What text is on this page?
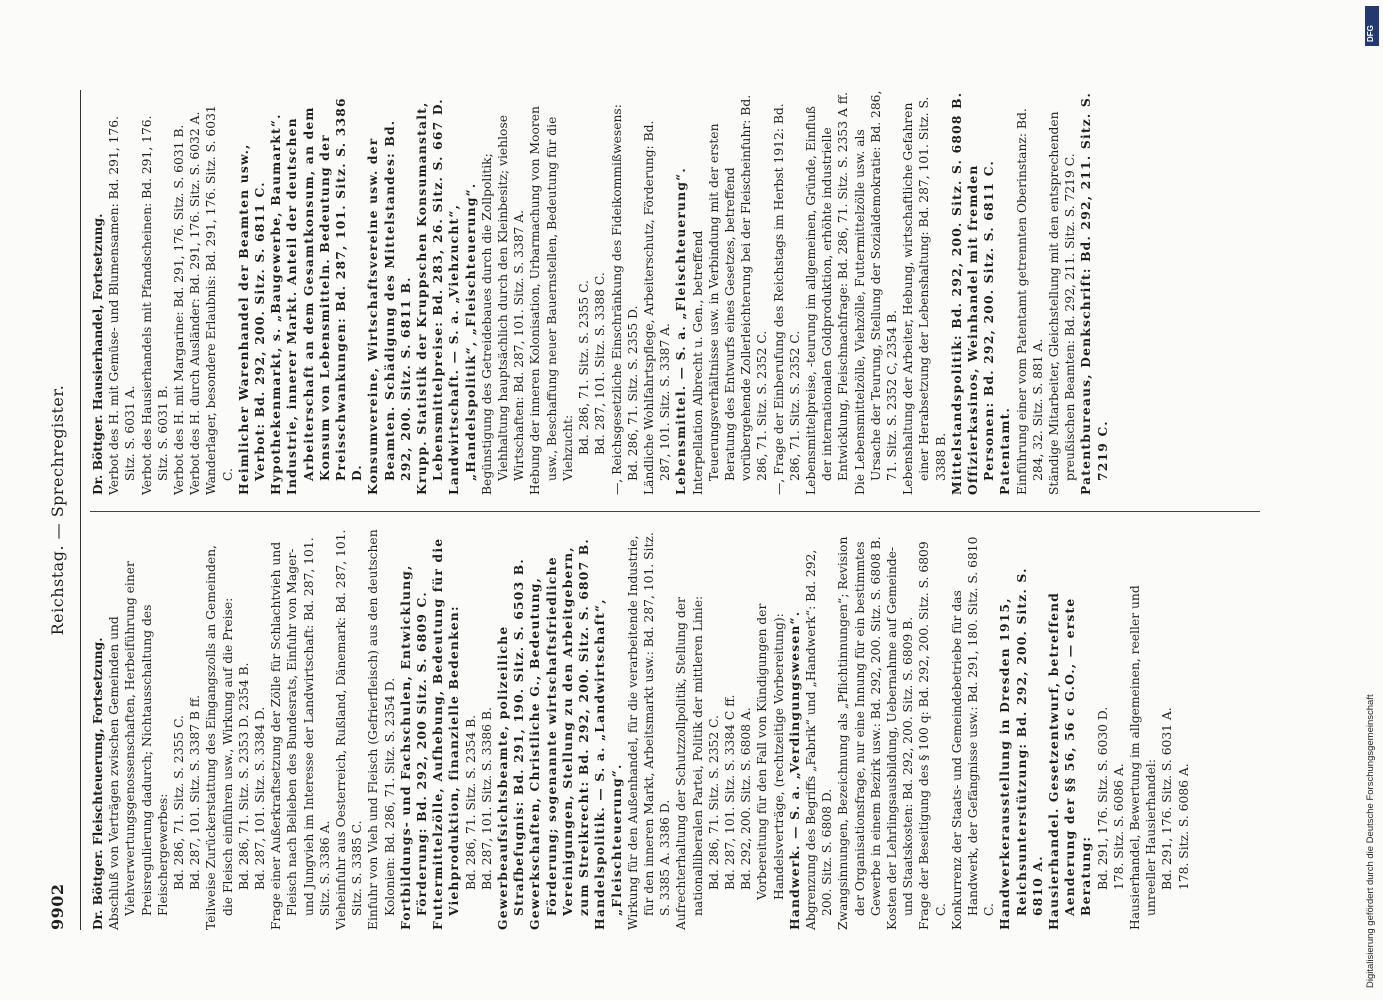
9902
Reichstag. — Sprechregister.

Dr. Böttger. Fleischteuerung, Fortsetzung. Abschluß von Verträgen zwischen Gemeinden und Viehverwertungsgenossenschaften, Herbeiführung einer Preisregulierung dadurch; Nichtausschaltung des Fleischergewerbes: Bd. 286, 71. Sitz. S. 2355 C. Bd. 287, 101. Sitz. S. 3387 B ff. Teilweise Zurückerstattung des Eingangszolls an Gemeinden, die Fleisch einführen usw., Wirkung auf die Preise: Bd. 286, 71. Sitz. S. 2353 D. 2354 B. Bd. 287, 101. Sitz. S. 3384 D. Frage einer Außerkraftsetzung der Zölle für Schlachtvieh und Fleisch nach Belieben des Bundesrats, Einfuhr von Mager- und Jungvieh im Interesse der Landwirtschaft: Bd. 287, 101. Sitz. S. 3386 A. Vieheinfuhr aus Oesterreich, Rußland, Dänemark: Bd. 287, 101. Sitz. S. 3385 C. Einfuhr von Vieh und Fleisch (Gefrierfleisch) aus den deutschen Kolonien: Bd. 286, 71. Sitz. S. 2354 D. Fortbildungs- und Fachschulen, Entwicklung, Förderung: Bd. 292, 200 Sitz. S. 6809 C. Futtermittelzölle, Aufhebung, Bedeutung für die Viehproduktion, finanzielle Bedenken: Bd. 286, 71. Sitz. S. 2354 B. Bd. 287, 101. Sitz. S. 3386 B. Gewerbeaufsichtsbeamte, polizeiliche Strafbefugnis: Bd. 291, 190. Sitz. S. 6503 B. Gewerkschaften, Christliche G., Bedeutung, Förderung; sogenannte wirtschaftsfriedliche Vereinigungen, Stellung zu den Arbeitgebern, zum Streikrecht: Bd. 292, 200. Sitz. S. 6807 B. Handelspolitik. — S. a. „Landwirtschaft“, „Fleischteuerung“. Wirkung für den Außenhandel, für die verarbeitende Industrie, für den inneren Markt, Arbeitsmarkt usw.: Bd. 287, 101. Sitz. S. 3385 A. 3386 D. Aufrechterhaltung der Schutzzollpolitik, Stellung der nationalliberalen Partei, Politik der mittleren Linie: Bd. 286, 71. Sitz. S. 2352 C. Bd. 287, 101. Sitz. S. 3384 C ff. Bd. 292, 200. Sitz. S. 6808 A. Vorbereitung für den Fall von Kündigungen der Handelsverträge, (rechtzeitige Vorbereitung): Handwerk. — S. a. „Verdingungswesen“. Abgrenzung des Begriffs „Fabrik“ und „Handwerk“: Bd. 292, 200. Sitz. S. 6808 D. Zwangsinnungen, Bezeichnung als „Pflichtinnungen“; Revision der Organisationsfrage, nur eine Innung für ein bestimmtes Gewerbe in einem Bezirk usw.: Bd. 292, 200. Sitz. S. 6808 B. Kosten der Lehrlingsausbildung, Uebernahme auf Gemeinde- und Staatskosten: Bd. 292, 200. Sitz. S. 6809 B. Frage der Beseitigung des § 100 q: Bd. 292, 200. Sitz. S. 6809 C. Konkurrenz der Staats- und Gemeindebetriebe für das Handwerk, der Gefängnisse usw.: Bd. 291, 180. Sitz. S. 6810 C. Handwerkerausstellung in Dresden 1915, Reichsunterstützung: Bd. 292, 200. Sitz. S. 6810 A. Hausierhandel. Gesetzentwurf, betreffend Aenderung der §§ 56, 56 c G.O., — erste Beratung: Bd. 291, 176. Sitz. S. 6030 D. 178. Sitz. S. 6086 A. Hausierhandel, Bewertung im allgemeinen, reeller und unreeller Hausierhandel: Bd. 291, 176. Sitz. S. 6031 A. 178. Sitz. S. 6086 A.

Dr. Böttger. Hausierhandel, Fortsetzung. Verbot des H. mit Gemüse- und Blumensamen: Bd. 291, 176. Sitz. S. 6031 A. Verbot des Hausierhandels mit Pfandscheinen: Bd. 291, 176. Sitz. S. 6031 B. Verbot des H. mit Margarine: Bd. 291, 176. Sitz. S. 6031 B. Verbot des H. durch Ausländer: Bd. 291, 176. Sitz. S. 6032 A. Wanderlager, besondere Erlaubnis: Bd. 291, 176. Sitz. S. 6031 C. Heimlicher Warenhandel der Beamten usw., Verbot: Bd. 292, 200. Sitz. S. 6811 C. Hypothekenmarkt, s. „Baugewerbe, Baumarkt“. Industrie, innerer Markt. Anteil der deutschen Arbeiterschaft an dem Gesamtkonsum, an dem Konsum von Lebensmitteln. Bedeutung der Preisschwankungen: Bd. 287, 101. Sitz. S. 3386 D. Konsumvereine, Wirtschaftsvereine usw. der Beamten. Schädigung des Mittelstandes: Bd. 292, 200. Sitz. S. 6811 B. Krupp. Statistik der Kruppschen Konsumanstalt, Lebensmittelpreise: Bd. 283, 26. Sitz. S. 667 D. Landwirtschaft. — S. a. „Viehzucht“, „Handelspolitik“, „Fleischteuerung“. Begünstigung des Getreidebaues durch die Zollpolitik; Viehhaltung hauptsächlich durch den Kleinbesitz; viehlose Wirtschaften: Bd. 287, 101. Sitz. S. 3387 A. Hebung der inneren Kolonisation, Urbarmachung von Mooren usw., Beschaffung neuer Bauernstellen, Bedeutung für die Viehzucht: Bd. 286, 71. Sitz. S. 2355 C. Bd. 287, 101. Sitz. S. 3388 C. —, Reichsgesetzliche Einschränkung des Fideikommißwesens: Bd. 286, 71. Sitz. S. 2355 D. Ländliche Wohlfahrtspflege, Arbeiterschutz, Förderung: Bd. 287, 101. Sitz. S. 3387 A. Lebensmittel. — S. a. „Fleischteuerung“. Interpellation Albrecht u. Gen., betreffend Teuerungsverhältnisse usw. in Verbindung mit der ersten Beratung des Entwurfs eines Gesetzes, betreffend vorübergehende Zollerleichterung bei der Fleischeinfuhr: Bd. 286, 71. Sitz. S. 2352 C. —, Frage der Einberufung des Reichstags im Herbst 1912: Bd. 286, 71. Sitz. S. 2352 C. Lebensmittelpreise, -teurung im allgemeinen, Gründe, Einfluß der internationalen Goldproduktion, erhöhte industrielle Entwicklung, Fleischnachfrage: Bd. 286, 71. Sitz. S. 2353 A ff. Die Lebensmittelzölle, Viehzölle, Futtermittelzölle usw. als Ursache der Teurung, Stellung der Sozialdemokratie: Bd. 286, 71. Sitz. S. 2352 C, 2354 B. Lebenshaltung der Arbeiter, Hebung, wirtschaftliche Gefahren einer Herabsetzung der Lebenshaltung: Bd. 287, 101. Sitz. S. 3388 B. Mittelstandspolitik: Bd. 292, 200. Sitz. S. 6808 B. Offizierkasinos, Weinhandel mit fremden Personen: Bd. 292, 200. Sitz. S. 6811 C. Patentamt. Einführung einer vom Patentamt getrennten Oberinstanz: Bd. 284, 32. Sitz. S. 881 A. Ständige Mitarbeiter, Gleichstellung mit den entsprechenden preußischen Beamten: Bd. 292, 211. Sitz. S. 7219 C. Patentbureaus, Denkschrift: Bd. 292, 211. Sitz. S. 7219 C.

Digitalisierung gefördert durch die Deutsche Forschungsgemeinschaft
DFG
